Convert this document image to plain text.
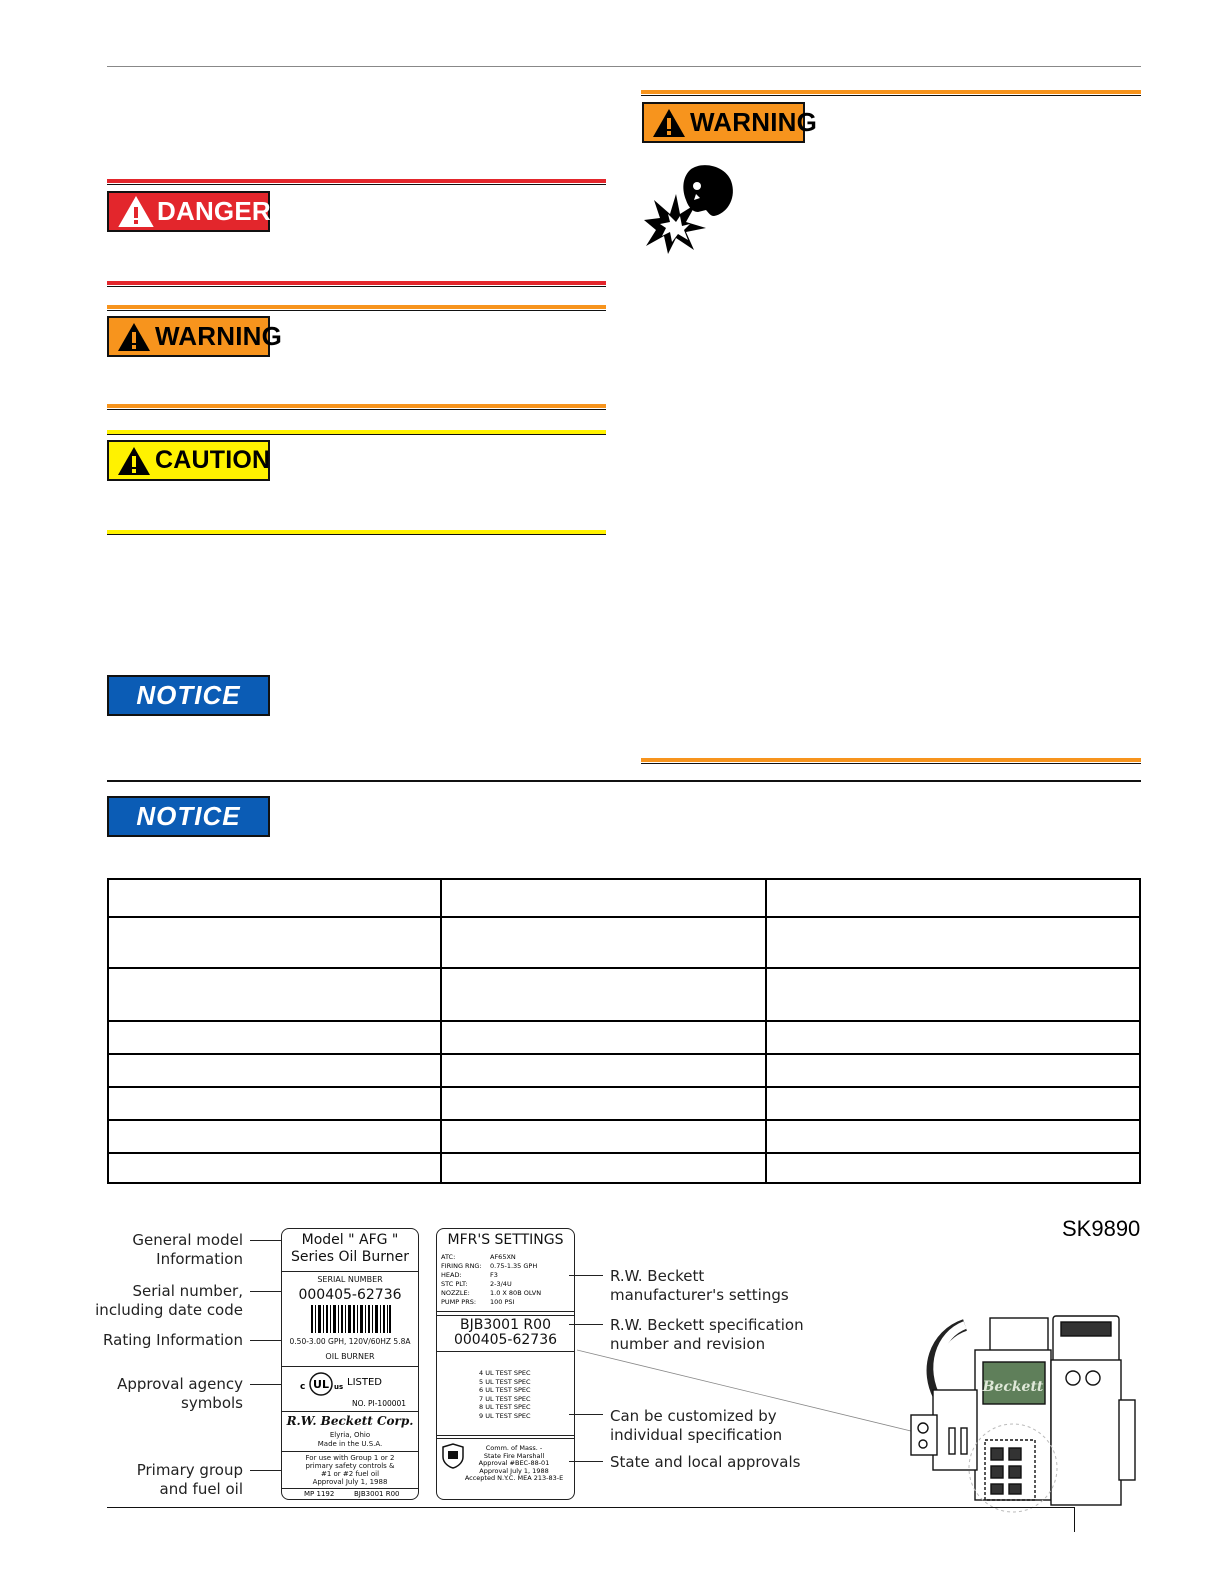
DANGER
WARNING
CAUTION
NOTICE
WARNING
NOTICE
SK9890
General model
Information
Serial number,
including date code
Rating Information
Approval agency
symbols
Primary group
and fuel oil
Model " AFG "
Series Oil Burner
SERIAL NUMBER
000405-62736
0.50-3.00 GPH, 120V/60HZ 5.8A
OIL BURNER
UL
c	us LISTED
NO. PI-100001
R.W. Beckett Corp.
Elyria, Ohio
Made in the U.S.A.
For use with Group 1 or 2
primary safety controls &
#1 or #2 fuel oil
Approval July 1, 1988
MP 1192	BJB3001 R00
MFR'S SETTINGS
ATC:	AF65XN
FIRING RNG: 0.75-1.35 GPH
HEAD:	F3
STC PLT:	2-3/4U
NOZZLE:	1.0 X 80B OLVN
PUMP PRS: 100 PSI
BJB3001 R00
000405-62736
4 UL TEST SPEC
5 UL TEST SPEC
6 UL TEST SPEC
7 UL TEST SPEC
8 UL TEST SPEC
9 UL TEST SPEC
Comm. of Mass. -
State Fire Marshall
Approval #BEC-88-01
Approval July 1, 1988
Accepted N.Y.C. MEA 213-83-E
R.W. Beckett
manufacturer's settings
R.W. Beckett specification
number and revision
Can be customized by
individual specification
State and local approvals
Beckett
